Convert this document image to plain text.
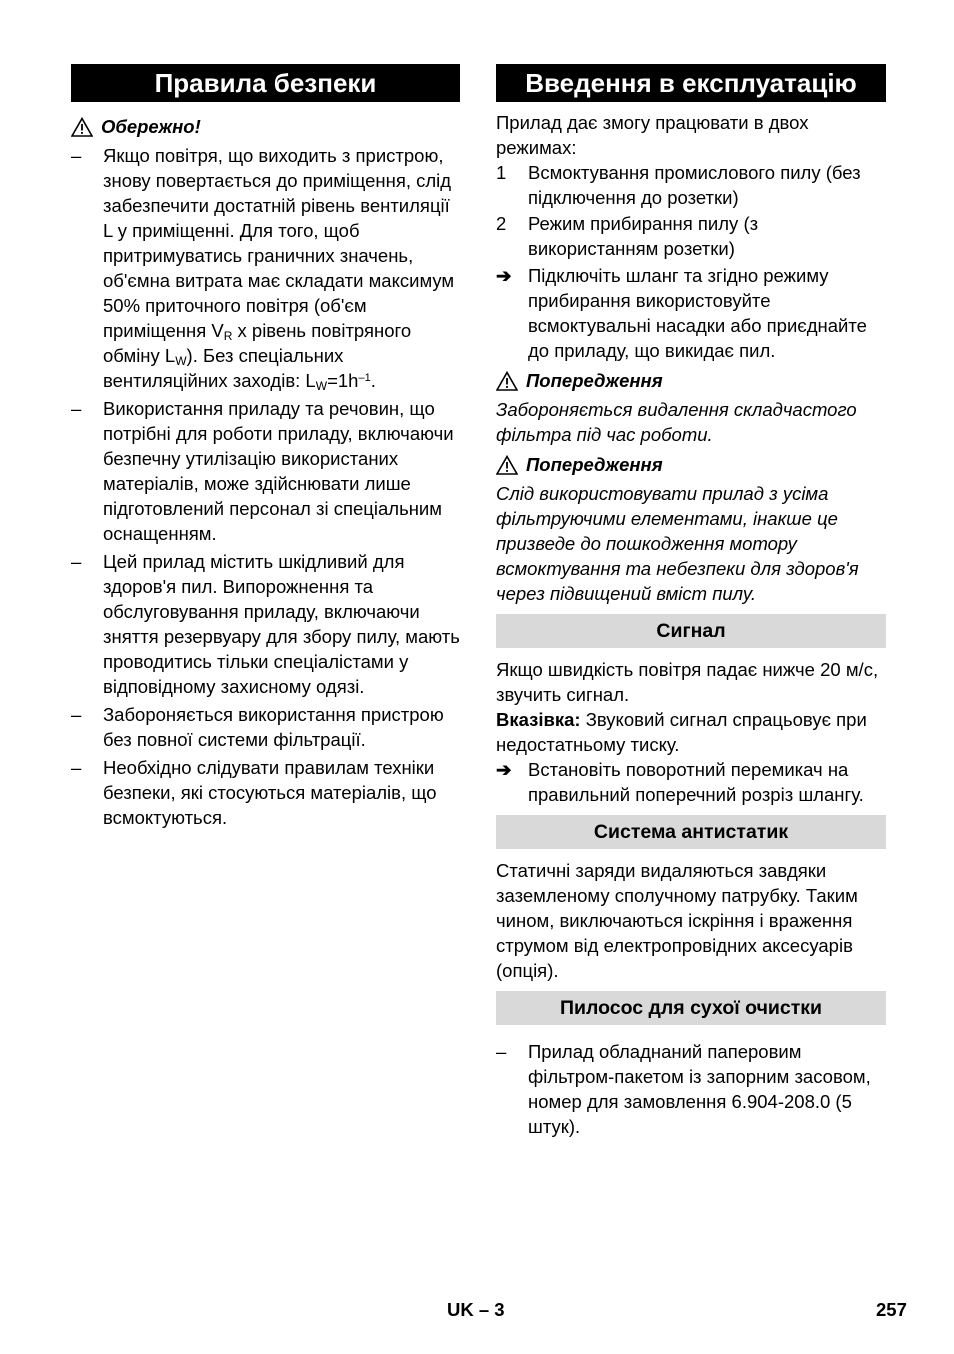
Правила безпеки
Обережно!
– Якщо повітря, що виходить з пристрою, знову повертається до приміщення, слід забезпечити достатній рівень вентиляції L у приміщенні. Для того, щоб притримуватись граничних значень, об'ємна витрата має складати максимум 50% приточного повітря (об'єм приміщення $V_R$ x рівень повітряного обміну $L_W$). Без спеціальних вентиляційних заходів: $L_W=1h^{-1}$.
– Використання приладу та речовин, що потрібні для роботи приладу, включаючи безпечну утилізацію використаних матеріалів, може здійснювати лише підготовлений персонал зі спеціальним оснащенням.
– Цей прилад містить шкідливий для здоров'я пил. Випорожнення та обслуговування приладу, включаючи зняття резервуару для збору пилу, мають проводитись тільки спеціалістами у відповідному захисному одязі.
– Забороняється використання пристрою без повної системи фільтрації.
– Необхідно слідувати правилам техніки безпеки, які стосуються матеріалів, що всмоктуються.
Введення в експлуатацію

Прилад дає змогу працювати в двох режимах:

1 Всмоктування промислового пилу (без підключення до розетки)
2 Режим прибирання пилу (з використанням розетки)
➔ Підключіть шланг та згідно режиму прибирання використовуйте всмоктувальні насадки або приєднайте до приладу, що викидає пил.
Попередження

Забороняється видалення складчастого фільтра під час роботи.

Попередження

Слід використовувати прилад з усіма фільтруючими елементами, інакше це призведе до пошкодження мотору всмоктування та небезпеки для здоров'я через підвищений вміст пилу.

Сигнал

Якщо швидкість повітря падає нижче 20 м/с, звучить сигнал.

Вказівка: Звуковий сигнал спрацьовує при недостатньому тиску.

➔ Встановіть поворотний перемикач на правильний поперечний розріз шлангу.
Система антистатик

Статичні заряди видаляються завдяки заземленому сполучному патрубку. Таким чином, виключаються іскріння і враження струмом від електропровідних аксесуарів (опція).

Пилосос для сухої очистки
– Прилад обладнаний паперовим фільтром-пакетом із запорним засовом, номер для замовлення 6.904-208.0 (5 штук).
UK – 3	257
